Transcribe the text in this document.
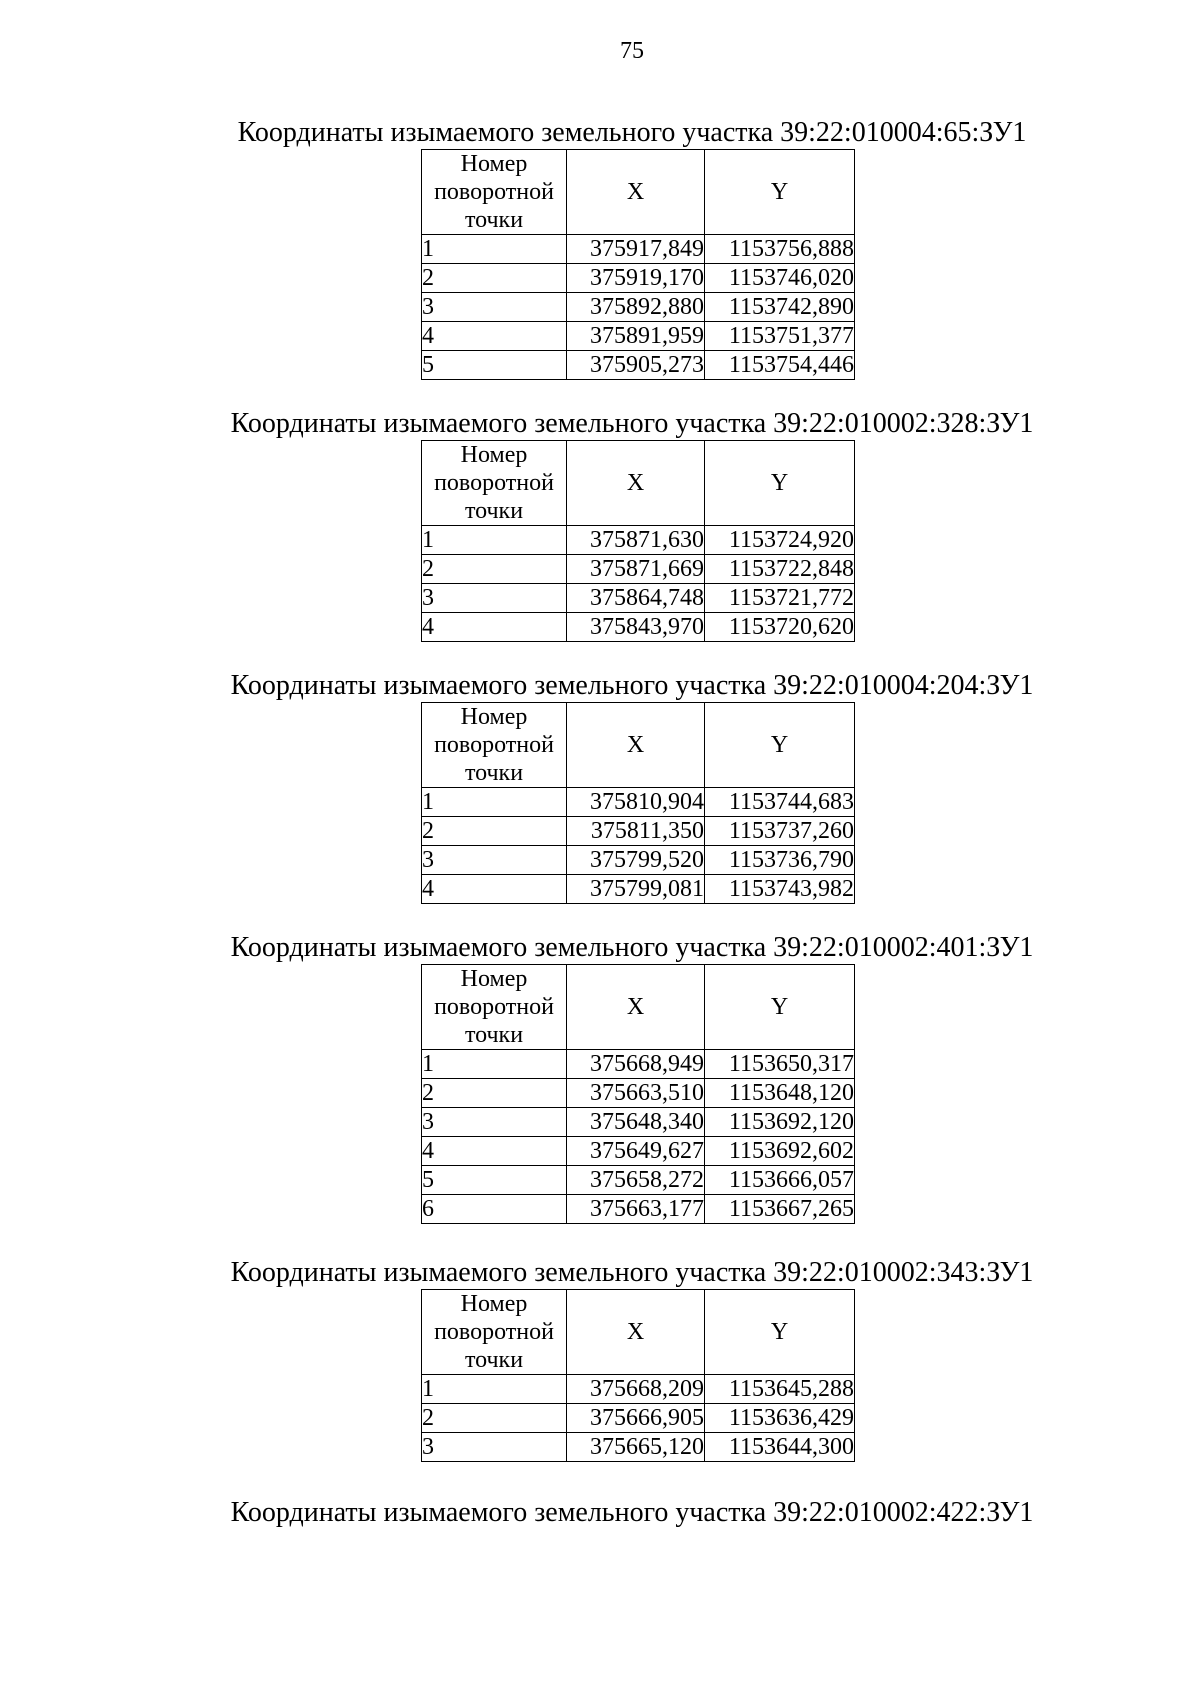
75
Координаты изымаемого земельного участка 39:22:010004:65:ЗУ1
Номер поворотной точки	X	Y
1	375917,849	1153756,888
2	375919,170	1153746,020
3	375892,880	1153742,890
4	375891,959	1153751,377
5	375905,273	1153754,446
Координаты изымаемого земельного участка 39:22:010002:328:ЗУ1
Номер поворотной точки	X	Y
1	375871,630	1153724,920
2	375871,669	1153722,848
3	375864,748	1153721,772
4	375843,970	1153720,620
Координаты изымаемого земельного участка 39:22:010004:204:ЗУ1
Номер поворотной точки	X	Y
1	375810,904	1153744,683
2	375811,350	1153737,260
3	375799,520	1153736,790
4	375799,081	1153743,982
Координаты изымаемого земельного участка 39:22:010002:401:ЗУ1
Номер поворотной точки	X	Y
1	375668,949	1153650,317
2	375663,510	1153648,120
3	375648,340	1153692,120
4	375649,627	1153692,602
5	375658,272	1153666,057
6	375663,177	1153667,265
Координаты изымаемого земельного участка 39:22:010002:343:ЗУ1
Номер поворотной точки	X	Y
1	375668,209	1153645,288
2	375666,905	1153636,429
3	375665,120	1153644,300
Координаты изымаемого земельного участка 39:22:010002:422:ЗУ1
